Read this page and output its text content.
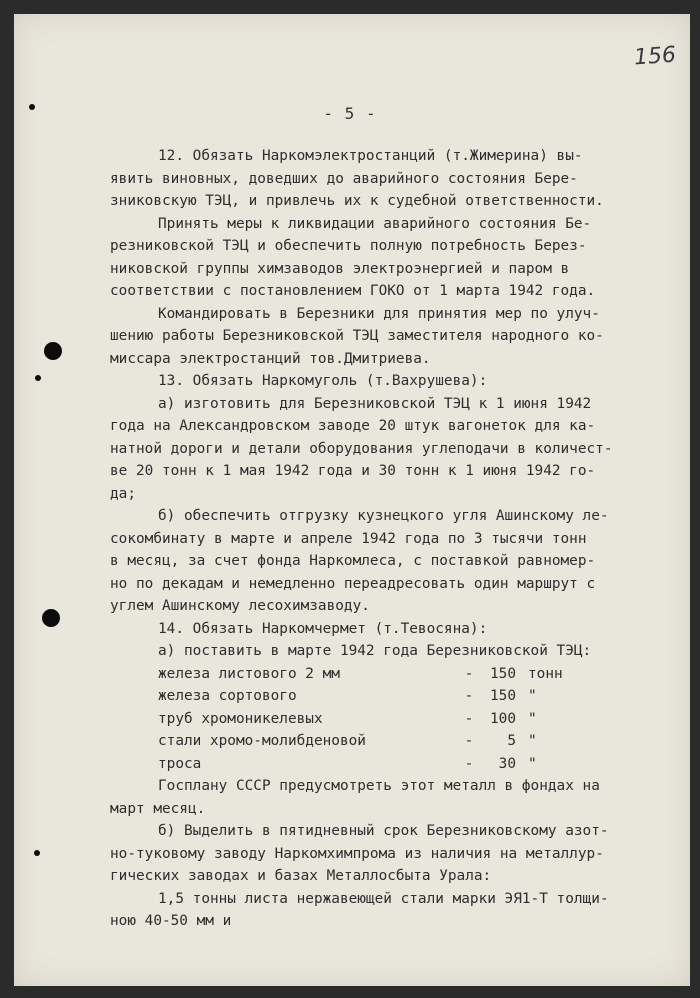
156
- 5 -
12. Обязать Наркомэлектростанций (т.Жимерина) вы-
явить виновных, доведших до аварийного состояния Бере-
зниковскую ТЭЦ, и привлечь их к судебной ответственности.
Принять меры к ликвидации аварийного состояния Бе-
резниковской ТЭЦ и обеспечить полную потребность Берез-
никовской группы химзаводов электроэнергией и паром в
соответствии с постановлением ГОКО от 1 марта 1942 года.
Командировать в Березники для принятия мер по улуч-
шению работы Березниковской ТЭЦ заместителя народного ко-
миссара электростанций тов.Дмитриева.
13. Обязать Наркомуголь (т.Вахрушева):
а) изготовить для Березниковской ТЭЦ к 1 июня 1942
года на Александровском заводе 20 штук вагонеток для ка-
натной дороги и детали оборудования углеподачи в количест-
ве 20 тонн к 1 мая 1942 года и 30 тонн к 1 июня 1942 го-
да;
б) обеспечить отгрузку кузнецкого угля Ашинскому ле-
сокомбинату в марте и апреле 1942 года по 3 тысячи тонн
в месяц, за счет фонда Наркомлеса, с поставкой равномер-
но по декадам и немедленно переадресовать один маршрут с
углем Ашинскому лесохимзаводу.
14. Обязать Наркомчермет (т.Тевосяна):
а) поставить в марте 1942 года Березниковской ТЭЦ:
железа листового 2 мм	-	150 тонн
железа сортового	-	150 "
труб хромоникелевых	-	100 "
стали хромо-молибденовой	-	5 "
троса	-	30 "
Госплану СССР предусмотреть этот металл в фондах на
март месяц.
б) Выделить в пятидневный срок Березниковскому азот-
но-туковому заводу Наркомхимпрома из наличия на металлур-
гических заводах и базах Металлосбыта Урала:
1,5 тонны листа нержавеющей стали марки ЭЯ1-Т толщи-
ною 40-50 мм и
